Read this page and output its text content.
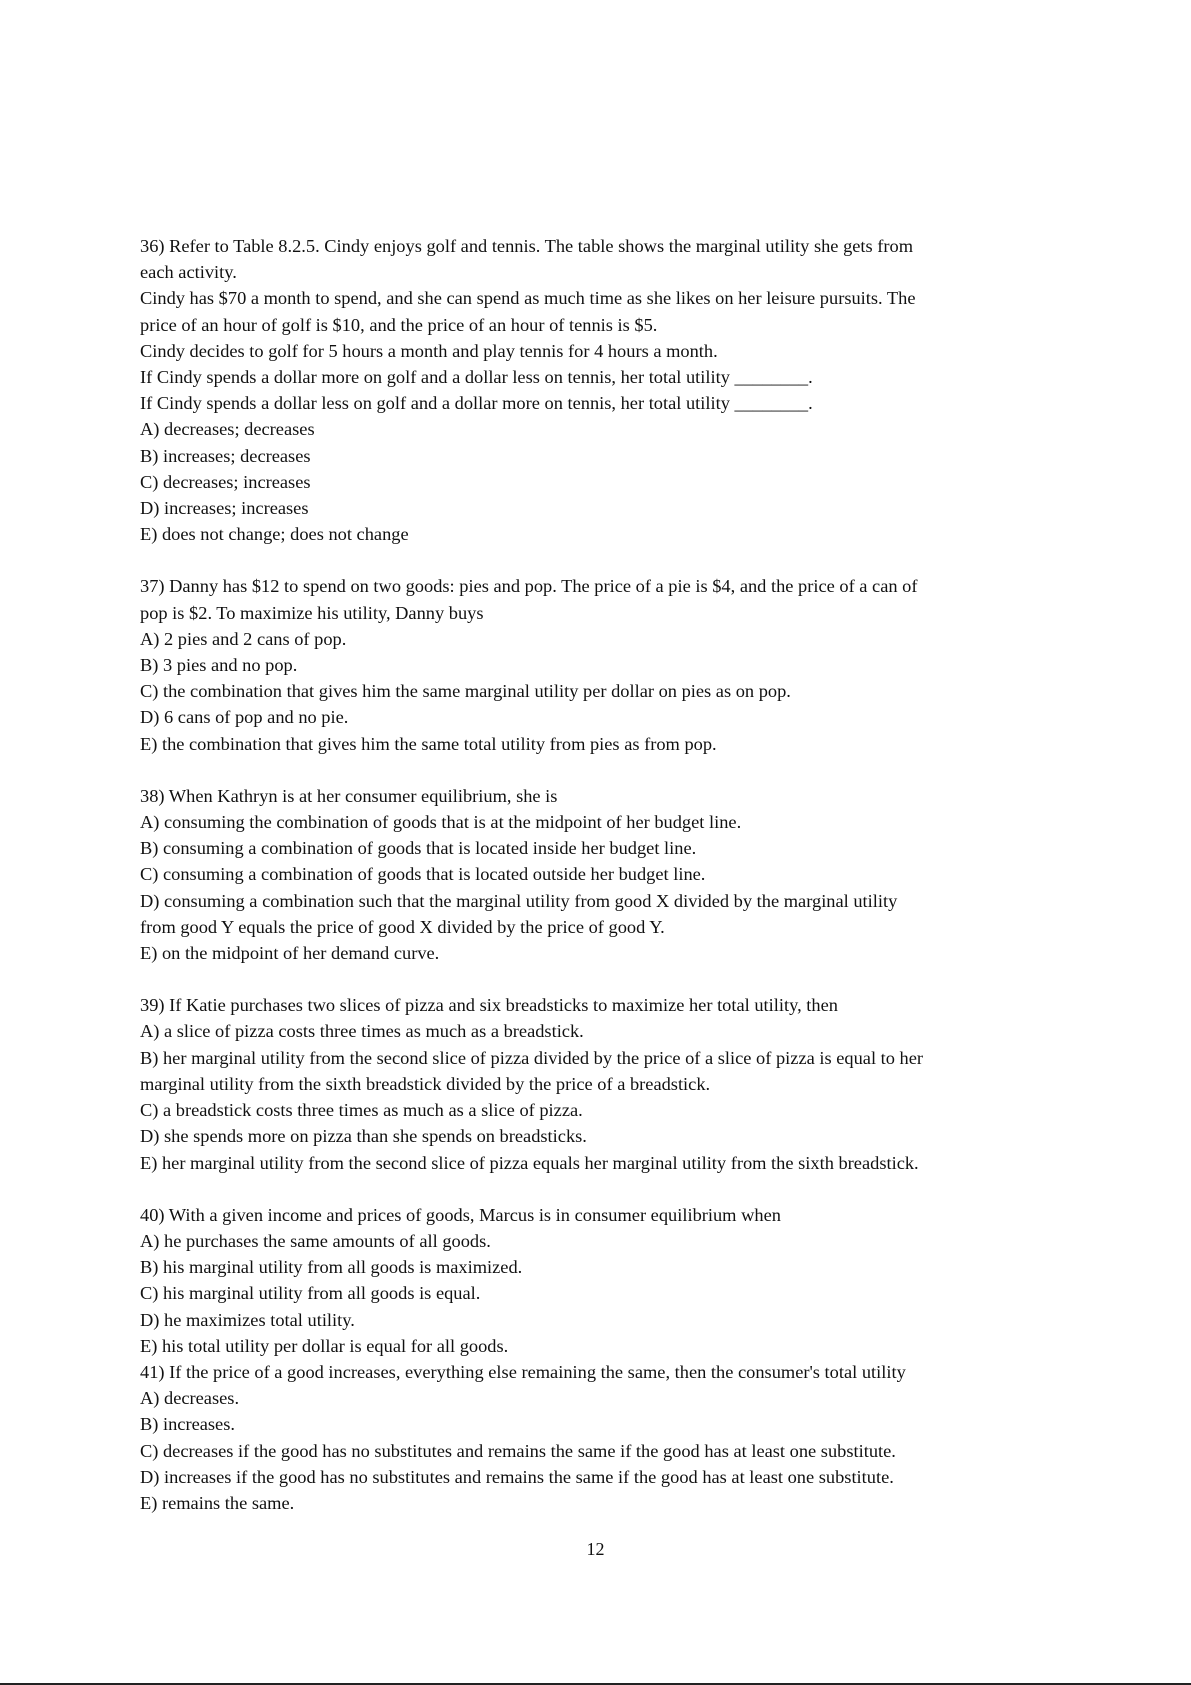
36) Refer to Table 8.2.5. Cindy enjoys golf and tennis. The table shows the marginal utility she gets from
each activity.
Cindy has $70 a month to spend, and she can spend as much time as she likes on her leisure pursuits. The
price of an hour of golf is $10, and the price of an hour of tennis is $5.
Cindy decides to golf for 5 hours a month and play tennis for 4 hours a month.
If Cindy spends a dollar more on golf and a dollar less on tennis, her total utility ________.
If Cindy spends a dollar less on golf and a dollar more on tennis, her total utility ________.
A) decreases; decreases
B) increases; decreases
C) decreases; increases
D) increases; increases
E) does not change; does not change
37) Danny has $12 to spend on two goods: pies and pop. The price of a pie is $4, and the price of a can of
pop is $2. To maximize his utility, Danny buys
A) 2 pies and 2 cans of pop.
B) 3 pies and no pop.
C) the combination that gives him the same marginal utility per dollar on pies as on pop.
D) 6 cans of pop and no pie.
E) the combination that gives him the same total utility from pies as from pop.
38) When Kathryn is at her consumer equilibrium, she is
A) consuming the combination of goods that is at the midpoint of her budget line.
B) consuming a combination of goods that is located inside her budget line.
C) consuming a combination of goods that is located outside her budget line.
D) consuming a combination such that the marginal utility from good X divided by the marginal utility
from good Y equals the price of good X divided by the price of good Y.
E) on the midpoint of her demand curve.
39) If Katie purchases two slices of pizza and six breadsticks to maximize her total utility, then
A) a slice of pizza costs three times as much as a breadstick.
B) her marginal utility from the second slice of pizza divided by the price of a slice of pizza is equal to her
marginal utility from the sixth breadstick divided by the price of a breadstick.
C) a breadstick costs three times as much as a slice of pizza.
D) she spends more on pizza than she spends on breadsticks.
E) her marginal utility from the second slice of pizza equals her marginal utility from the sixth breadstick.
40) With a given income and prices of goods, Marcus is in consumer equilibrium when
A) he purchases the same amounts of all goods.
B) his marginal utility from all goods is maximized.
C) his marginal utility from all goods is equal.
D) he maximizes total utility.
E) his total utility per dollar is equal for all goods.
41) If the price of a good increases, everything else remaining the same, then the consumer's total utility
A) decreases.
B) increases.
C) decreases if the good has no substitutes and remains the same if the good has at least one substitute.
D) increases if the good has no substitutes and remains the same if the good has at least one substitute.
E) remains the same.
12
